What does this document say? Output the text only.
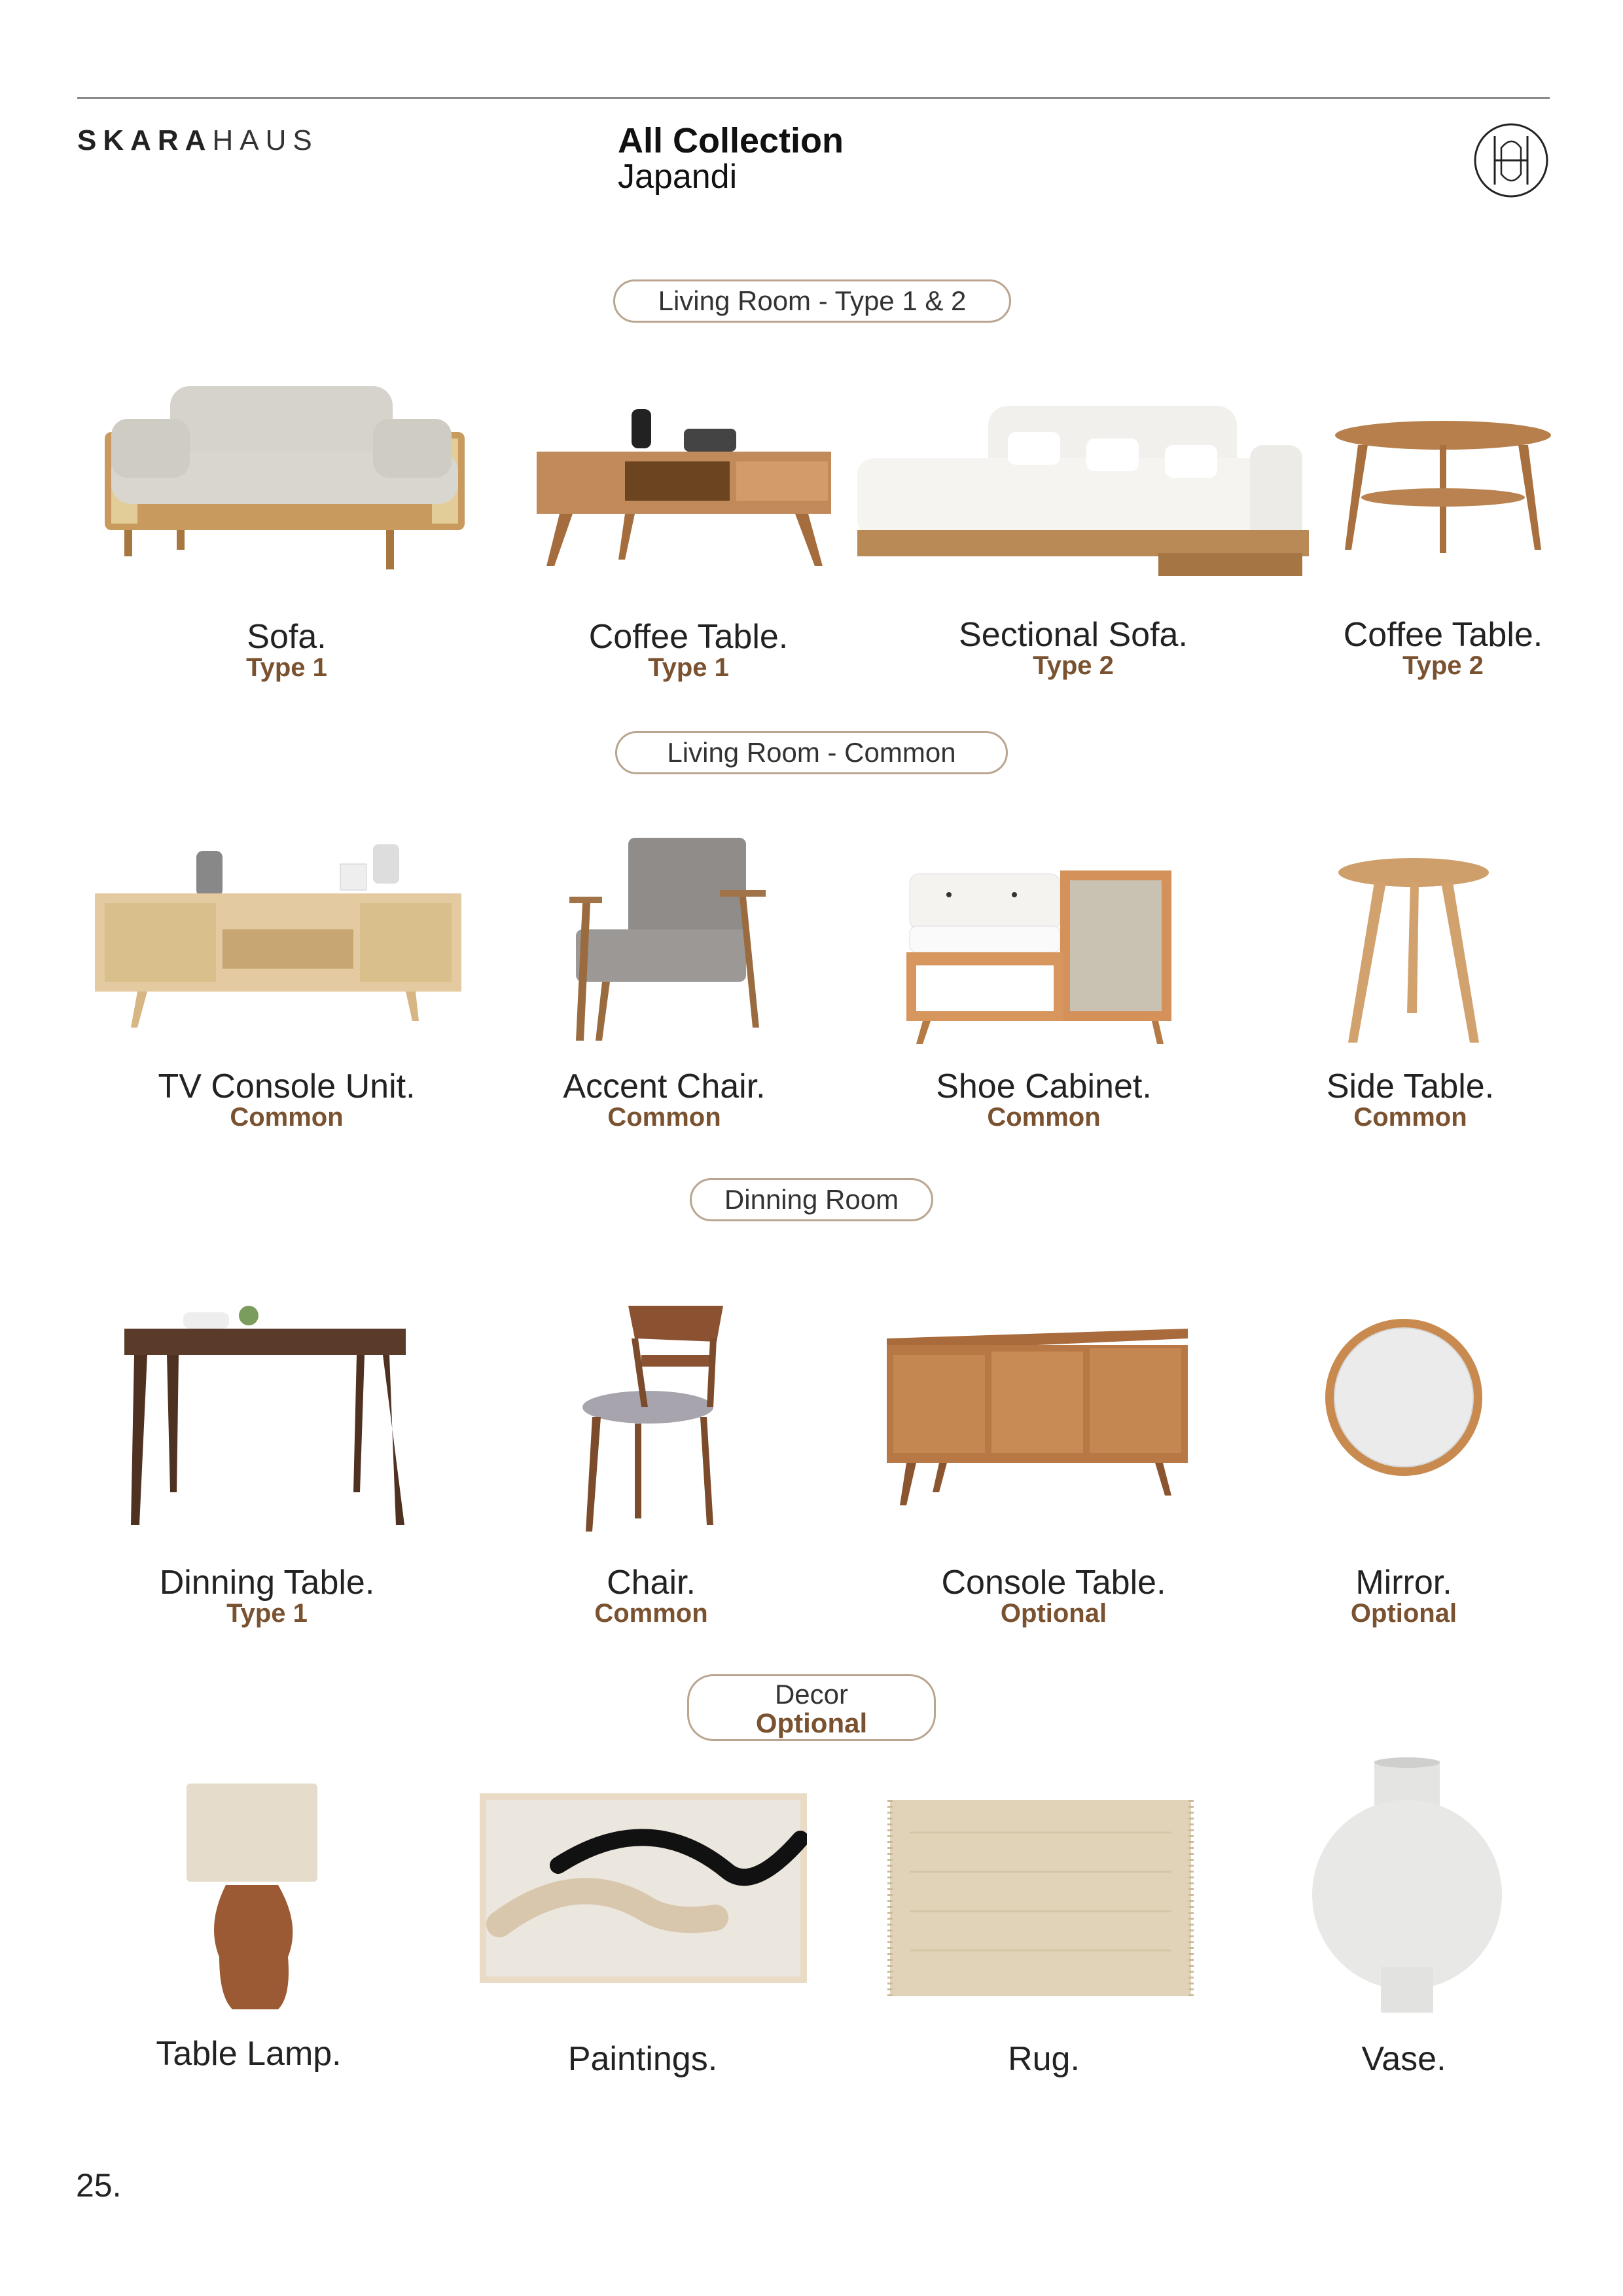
SKARAHAUS	All Collection
Japandi
Living Room - Type 1 & 2
Living Room - Common
Dinning Room
Decor
Optional
Sofa.
Type 1
Coffee Table.
Type 1
Sectional Sofa.
Type 2
Coffee Table.
Type 2
TV Console Unit.
Common
Accent Chair.
Common
Shoe Cabinet.
Common
Side Table.
Common
Dinning Table.
Type 1
Chair.
Common
Console Table.
Optional
Mirror.
Optional
Table Lamp.	Paintings.	Rug.	Vase.
25.
